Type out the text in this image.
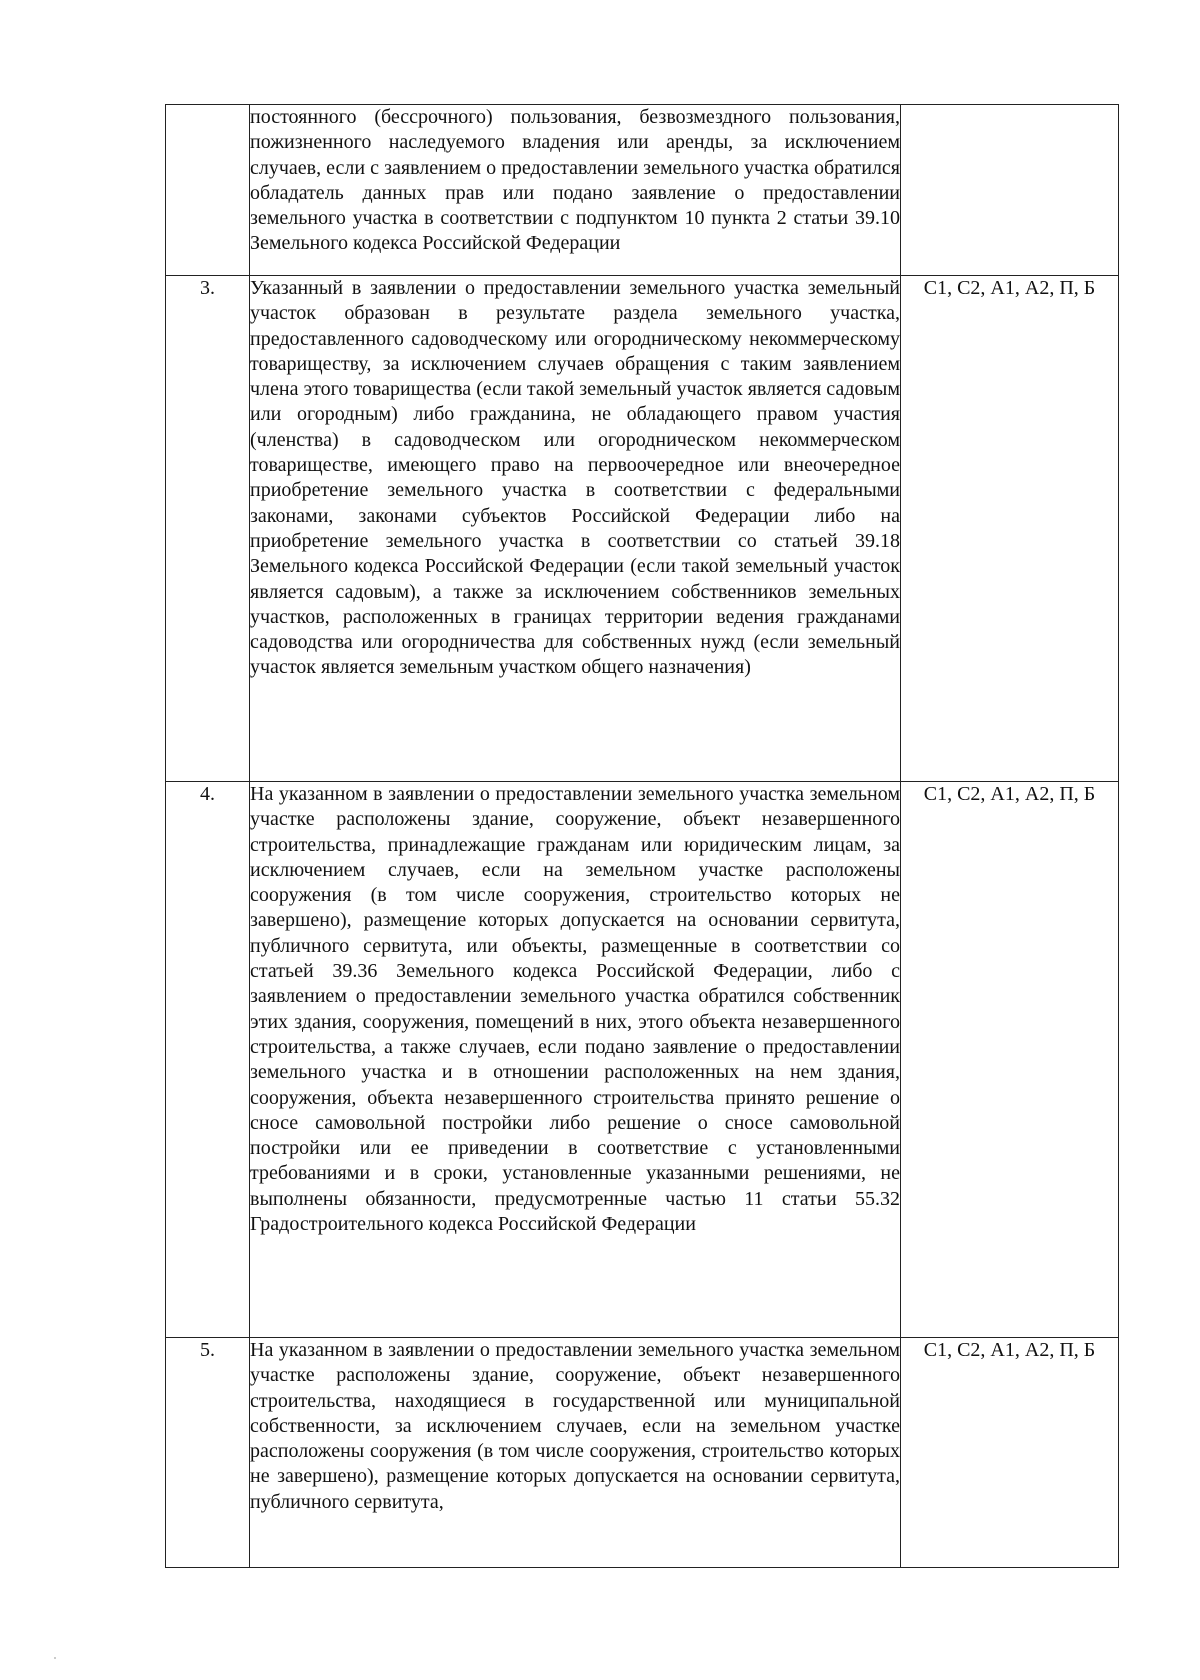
	постоянного (бессрочного) пользования, безвозмездного пользования, пожизненного наследуемого владения или аренды, за исключением случаев, если с заявлением о предоставлении земельного участка обратился обладатель данных прав или подано заявление о предоставлении земельного участка в соответствии с подпунктом 10 пункта 2 статьи 39.10 Земельного кодекса Российской Федерации	
3.	Указанный в заявлении о предоставлении земельного участка земельный участок образован в результате раздела земельного участка, предоставленного садоводческому или огородническому некоммерческому товариществу, за исключением случаев обращения с таким заявлением члена этого товарищества (если такой земельный участок является садовым или огородным) либо гражданина, не обладающего правом участия (членства) в садоводческом или огородническом некоммерческом товариществе, имеющего право на первоочередное или внеочередное приобретение земельного участка в соответствии с федеральными законами, законами субъектов Российской Федерации либо на приобретение земельного участка в соответствии со статьей 39.18 Земельного кодекса Российской Федерации (если такой земельный участок является садовым), а также за исключением собственников земельных участков, расположенных в границах территории ведения гражданами садоводства или огородничества для собственных нужд (если земельный участок является земельным участком общего назначения)	С1, С2, А1, А2, П, Б
4.	На указанном в заявлении о предоставлении земельного участка земельном участке расположены здание, сооружение, объект незавершенного строительства, принадлежащие гражданам или юридическим лицам, за исключением случаев, если на земельном участке расположены сооружения (в том числе сооружения, строительство которых не завершено), размещение которых допускается на основании сервитута, публичного сервитута, или объекты, размещенные в соответствии со статьей 39.36 Земельного кодекса Российской Федерации, либо с заявлением о предоставлении земельного участка обратился собственник этих здания, сооружения, помещений в них, этого объекта незавершенного строительства, а также случаев, если подано заявление о предоставлении земельного участка и в отношении расположенных на нем здания, сооружения, объекта незавершенного строительства принято решение о сносе самовольной постройки либо решение о сносе самовольной постройки или ее приведении в соответствие с установленными требованиями и в сроки, установленные указанными решениями, не выполнены обязанности, предусмотренные частью 11 статьи 55.32 Градостроительного кодекса Российской Федерации	С1, С2, А1, А2, П, Б
5.	На указанном в заявлении о предоставлении земельного участка земельном участке расположены здание, сооружение, объект незавершенного строительства, находящиеся в государственной или муниципальной собственности, за исключением случаев, если на земельном участке расположены сооружения (в том числе сооружения, строительство которых не завершено), размещение которых допускается на основании сервитута, публичного сервитута,	С1, С2, А1, А2, П, Б
